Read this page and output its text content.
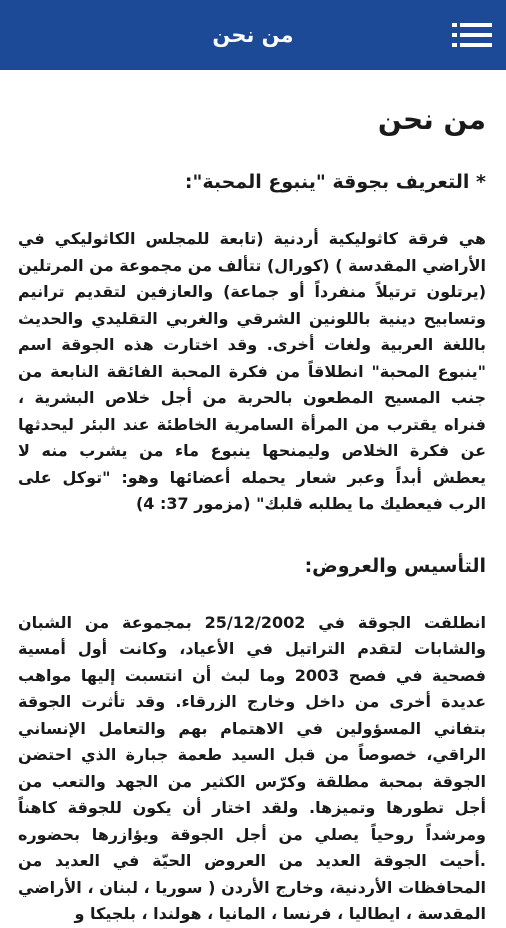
من نحن
من نحن
* التعريف بجوقة "ينبوع المحبة":

هي فرقة كاثوليكية أردنية (تابعة للمجلس الكاثوليكي في الأراضي المقدسة ) (كورال) تتألف من مجموعة من المرتلين (يرتلون ترتيلاً منفرداً أو جماعة) والعازفين لتقديم ترانيم وتسابيح دينية باللونين الشرقي والغربي التقليدي والحديث باللغة العربية ولغات أخرى. وقد اختارت هذه الجوقة اسم "ينبوع المحبة" انطلاقاً من فكرة المحبة الفائقة النابعة من جنب المسيح المطعون بالحربة من أجل خلاص البشرية ، فنراه يقترب من المرأة السامرية الخاطئة عند البئر ليحدثها عن فكرة الخلاص وليمنحها ينبوع ماء من يشرب منه لا يعطش أبداً وعبر شعار يحمله أعضائها وهو: "توكل على الرب فيعطيك ما يطلبه قلبك" (مزمور 37: 4)

التأسيس والعروض:

انطلقت الجوقة في 25/12/2002 بمجموعة من الشبان والشابات لتقدم التراتيل في الأعياد، وكانت أول أمسية فصحية في فصح 2003 وما لبث أن انتسبت إليها مواهب عديدة أخرى من داخل وخارج الزرقاء. وقد تأثرت الجوقة بتفاني المسؤولين في الاهتمام بهم والتعامل الإنساني الراقي، خصوصاً من قبل السيد طعمة جبارة الذي احتضن الجوقة بمحبة مطلقة وكرّس الكثير من الجهد والتعب من أجل تطورها وتميزها. ولقد اختار أن يكون للجوقة كاهناً ومرشداً روحياً يصلي من أجل الجوقة ويؤازرها بحضوره .أحيت الجوقة العديد من العروض الحيّة في العديد من المحافظات الأردنية، وخارج الأردن ( سوريا ، لبنان ، الأراضي المقدسة ، ايطاليا ، فرنسا ، المانيا ، هولندا ، بلجيكا و
